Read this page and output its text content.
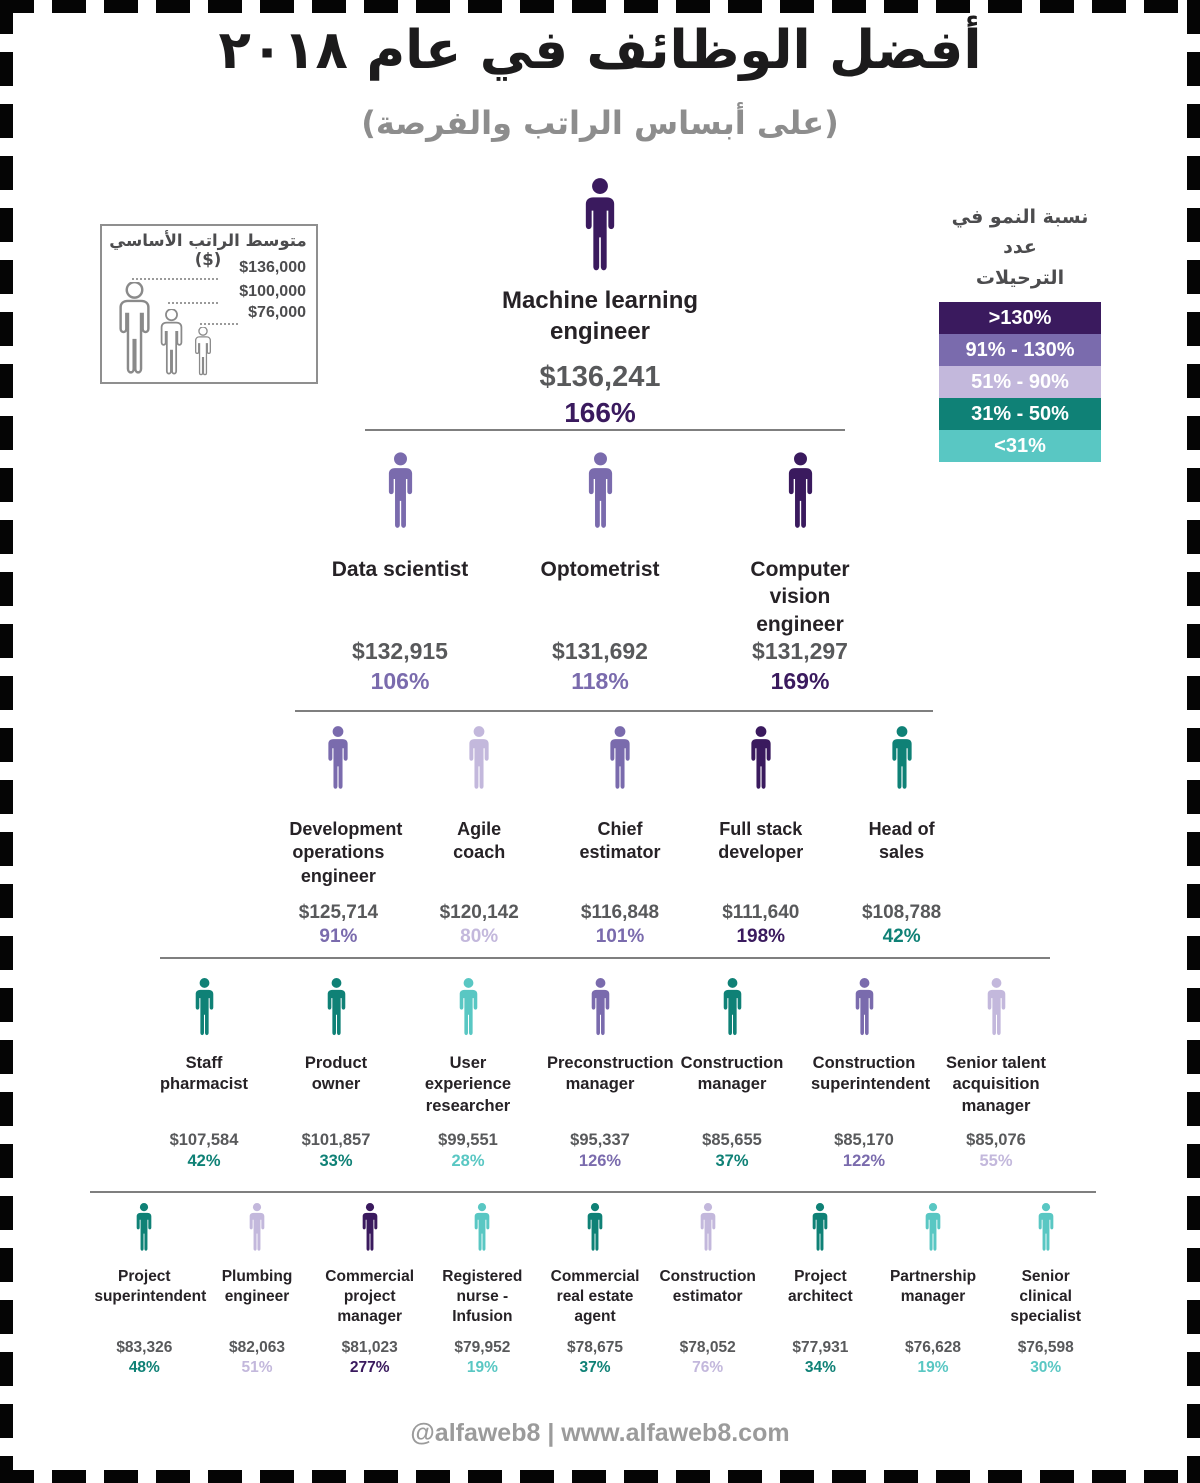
أفضل الوظائف في عام ٢٠١٨
(على أبساس الراتب والفرصة)
متوسط الراتب الأساسي ($)	$136,000
$100,000
$76,000
نسبة النمو في عدد
الترحيلات
>130%
91% - 130%
51% - 90%
31% - 50%
<31%
Machine learning engineer
$136,241
166%
Data scientist
$132,915
106%
Optometrist
$131,692
118%
Computer vision engineer
$131,297
169%
Development operations engineer
$125,714
91%
Agile coach
$120,142
80%
Chief estimator
$116,848
101%
Full stack developer
$111,640
198%
Head of sales
$108,788
42%
Staff pharmacist
$107,584
42%
Product owner
$101,857
33%
User experience researcher
$99,551
28%
Preconstruction manager
$95,337
126%
Construction manager
$85,655
37%
Construction superintendent
$85,170
122%
Senior talent acquisition manager
$85,076
55%
Project superintendent
$83,326
48%
Plumbing engineer
$82,063
51%
Commercial project manager
$81,023
277%
Registered nurse - Infusion
$79,952
19%
Commercial real estate agent
$78,675
37%
Construction estimator
$78,052
76%
Project architect
$77,931
34%
Partnership manager
$76,628
19%
Senior clinical specialist
$76,598
30%
@alfaweb8 | www.alfaweb8.com
